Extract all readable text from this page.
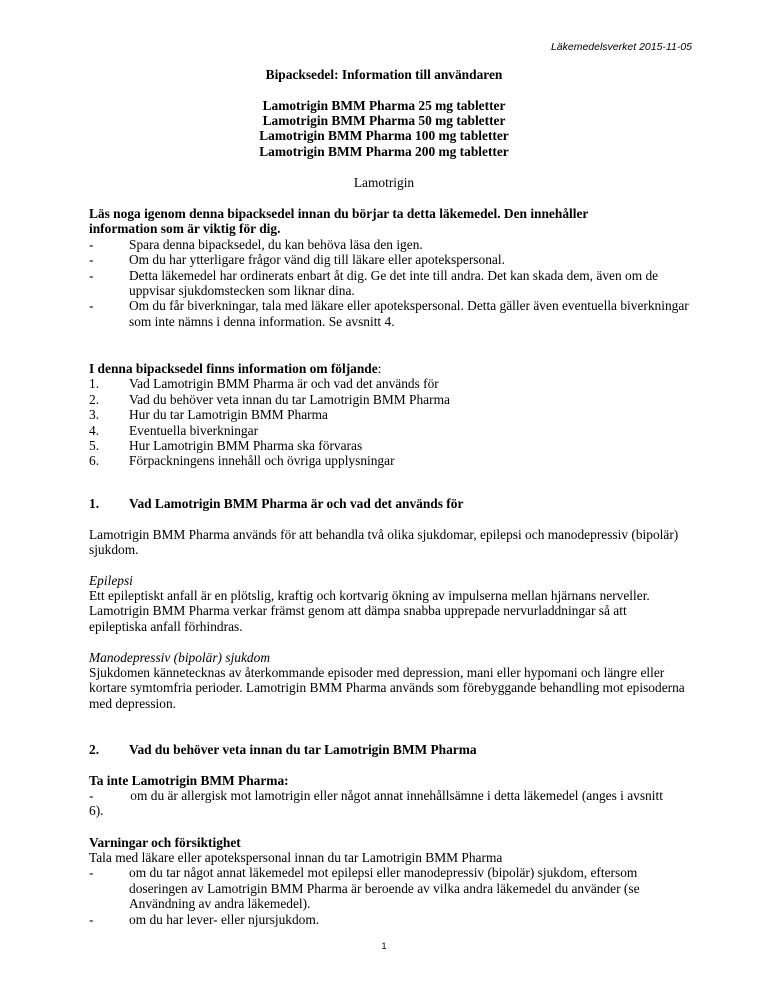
Läkemedelsverket 2015-11-05
Bipacksedel: Information till användaren
Lamotrigin BMM Pharma 25 mg tabletter
Lamotrigin BMM Pharma 50 mg tabletter
Lamotrigin BMM Pharma 100 mg tabletter
Lamotrigin BMM Pharma 200 mg tabletter
Lamotrigin
Läs noga igenom denna bipacksedel innan du börjar ta detta läkemedel. Den innehåller
information som är viktig för dig.
-	Spara denna bipacksedel, du kan behöva läsa den igen.
-	Om du har ytterligare frågor vänd dig till läkare eller apotekspersonal.
-	Detta läkemedel har ordinerats enbart åt dig. Ge det inte till andra. Det kan skada dem, även om de uppvisar sjukdomstecken som liknar dina.
-	Om du får biverkningar, tala med läkare eller apotekspersonal. Detta gäller även eventuella biverkningar som inte nämns i denna information. Se avsnitt 4.
I denna bipacksedel finns information om följande:
1. Vad Lamotrigin BMM Pharma är och vad det används för
2. Vad du behöver veta innan du tar Lamotrigin BMM Pharma
3. Hur du tar Lamotrigin BMM Pharma
4. Eventuella biverkningar
5. Hur Lamotrigin BMM Pharma ska förvaras
6. Förpackningens innehåll och övriga upplysningar
1. Vad Lamotrigin BMM Pharma är och vad det används för
Lamotrigin BMM Pharma används för att behandla två olika sjukdomar, epilepsi och manodepressiv (bipolär) sjukdom.
Epilepsi
Ett epileptiskt anfall är en plötslig, kraftig och kortvarig ökning av impulserna mellan hjärnans nerveller. Lamotrigin BMM Pharma verkar främst genom att dämpa snabba upprepade nervurladdningar så att epileptiska anfall förhindras.
Manodepressiv (bipolär) sjukdom
Sjukdomen kännetecknas av återkommande episoder med depression, mani eller hypomani och längre eller kortare symtomfria perioder. Lamotrigin BMM Pharma används som förebyggande behandling mot episoderna med depression.
2. Vad du behöver veta innan du tar Lamotrigin BMM Pharma
Ta inte Lamotrigin BMM Pharma:
-           om du är allergisk mot lamotrigin eller något annat innehållsämne i detta läkemedel (anges i avsnitt 6).
Varningar och försiktighet
Tala med läkare eller apotekspersonal innan du tar Lamotrigin BMM Pharma
-	om du tar något annat läkemedel mot epilepsi eller manodepressiv (bipolär) sjukdom, eftersom doseringen av Lamotrigin BMM Pharma är beroende av vilka andra läkemedel du använder (se Användning av andra läkemedel).
-	om du har lever- eller njursjukdom.
1
